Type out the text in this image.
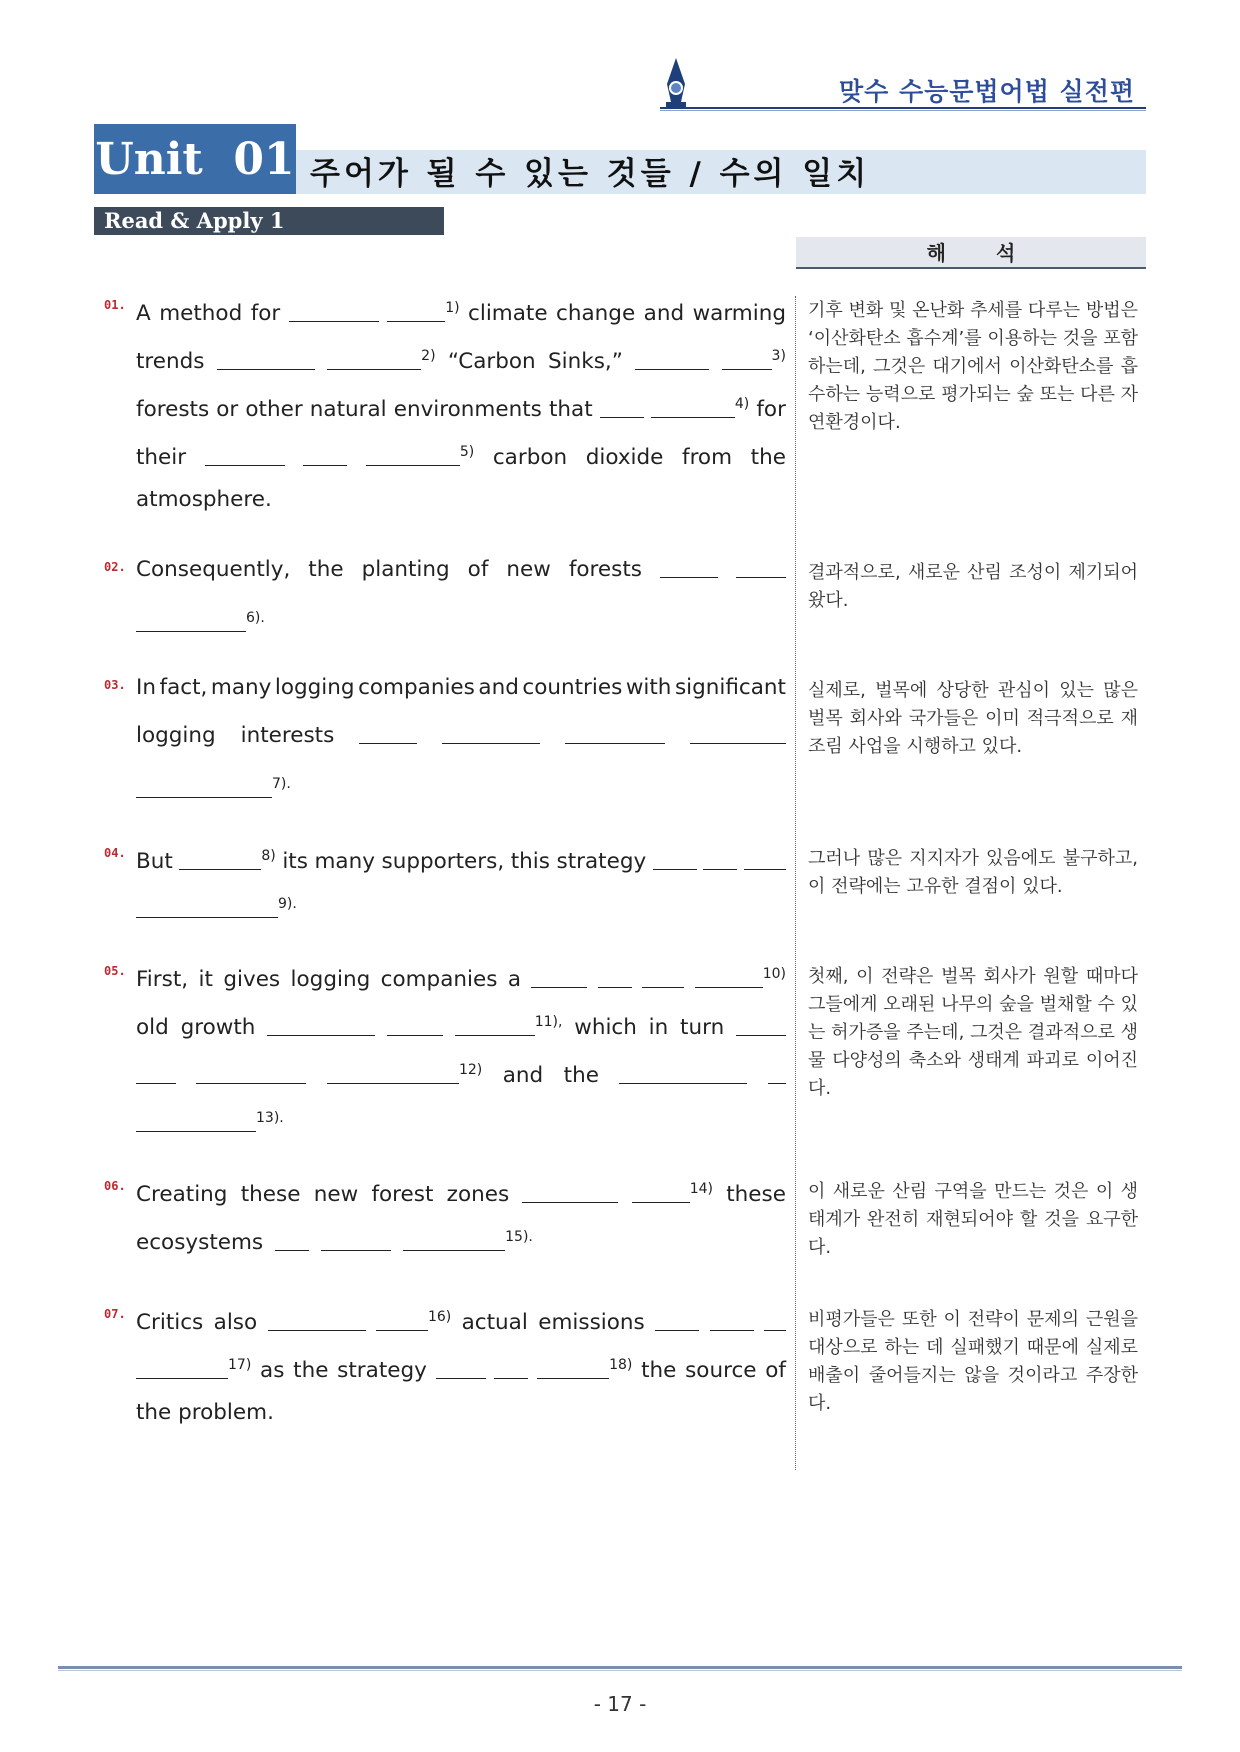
맞수 수능문법어법 실전편
Unit  01 주어가 될 수 있는 것들 / 수의 일치
Read & Apply 1
해석
01. A method for	$^{1)}$ climate change and warming
trends	$^{2)}$ “Carbon Sinks,”	$^{3)}$
forests or other natural environments that	$^{4)}$ for
their	$^{5)}$ carbon dioxide from the
atmosphere.
기후 변화 및 온난화 추세를 다루는 방법은 ‘이산화탄소 흡수계’를 이용하는 것을 포함하는데, 그것은 대기에서 이산화탄소를 흡수하는 능력으로 평가되는 숲 또는 다른 자연환경이다.
02. Consequently, the planting of new forests
$^{6).}$
결과적으로, 새로운 산림 조성이 제기되어 왔다.
03. In fact, many logging companies and countries with significant
logging interests
$^{7).}$
실제로, 벌목에 상당한 관심이 있는 많은 벌목 회사와 국가들은 이미 적극적으로 재조림 사업을 시행하고 있다.
04. But	$^{8)}$ its many supporters, this strategy
$^{9).}$
그러나 많은 지지자가 있음에도 불구하고, 이 전략에는 고유한 결점이 있다.
05. First, it gives logging companies a	$^{10)}$
old growth	$^{11),}$ which in turn
$^{12)}$ and the
$^{13).}$
첫째, 이 전략은 벌목 회사가 원할 때마다 그들에게 오래된 나무의 숲을 벌채할 수 있는 허가증을 주는데, 그것은 결과적으로 생물 다양성의 축소와 생태계 파괴로 이어진다.
06. Creating these new forest zones	$^{14)}$ these
ecosystems	$^{15).}$
이 새로운 산림 구역을 만드는 것은 이 생태계가 완전히 재현되어야 할 것을 요구한다.
07. Critics also	$^{16)}$ actual emissions
$^{17)}$ as the strategy	$^{18)}$ the source of
the problem.
비평가들은 또한 이 전략이 문제의 근원을 대상으로 하는 데 실패했기 때문에 실제로 배출이 줄어들지는 않을 것이라고 주장한다.
- 17 -
